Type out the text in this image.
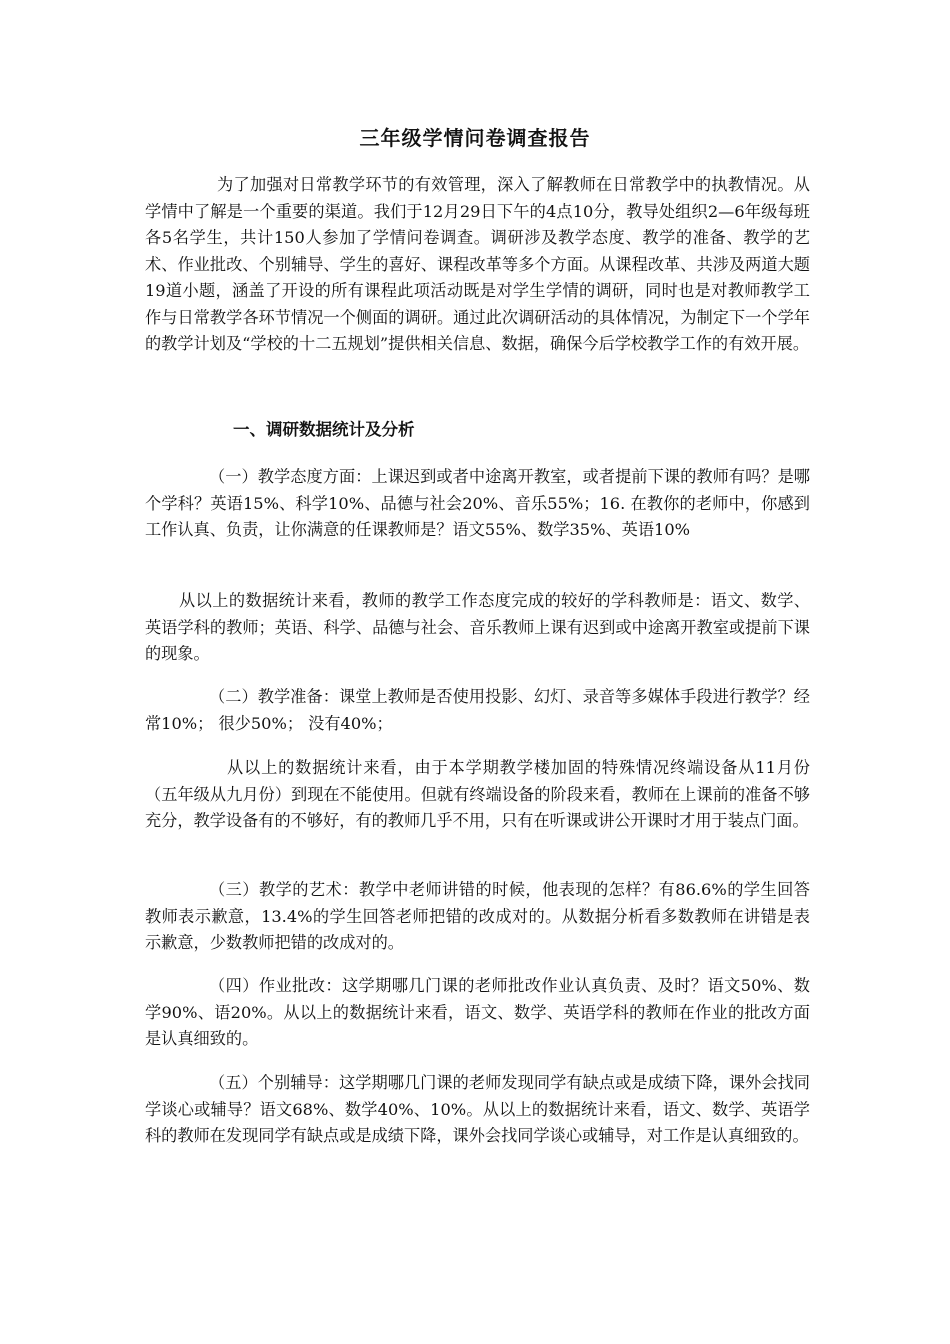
三年级学情问卷调查报告

为了加强对日常教学环节的有效管理，深入了解教师在日常教学中的执教情况。从学情中了解是一个重要的渠道。我们于12月29日下午的4点10分，教导处组织2—6年级每班各5名学生，共计150人参加了学情问卷调查。调研涉及教学态度、教学的准备、教学的艺术、作业批改、个别辅导、学生的喜好、课程改革等多个方面。从课程改革、共涉及两道大题19道小题，涵盖了开设的所有课程此项活动既是对学生学情的调研，同时也是对教师教学工作与日常教学各环节情况一个侧面的调研。通过此次调研活动的具体情况，为制定下一个学年的教学计划及“学校的十二五规划”提供相关信息、数据，确保今后学校教学工作的有效开展。

一、调研数据统计及分析

（一）教学态度方面：上课迟到或者中途离开教室，或者提前下课的教师有吗？是哪个学科？英语15%、科学10%、品德与社会20%、音乐55%；16. 在教你的老师中，你感到工作认真、负责，让你满意的任课教师是？语文55%、数学35%、英语10%

从以上的数据统计来看，教师的教学工作态度完成的较好的学科教师是：语文、数学、英语学科的教师；英语、科学、品德与社会、音乐教师上课有迟到或中途离开教室或提前下课的现象。

（二）教学准备：课堂上教师是否使用投影、幻灯、录音等多媒体手段进行教学？经常10%； 很少50%； 没有40%；

从以上的数据统计来看，由于本学期教学楼加固的特殊情况终端设备从11月份（五年级从九月份）到现在不能使用。但就有终端设备的阶段来看，教师在上课前的准备不够充分，教学设备有的不够好，有的教师几乎不用，只有在听课或讲公开课时才用于装点门面。

（三）教学的艺术：教学中老师讲错的时候，他表现的怎样？有86.6%的学生回答教师表示歉意，13.4%的学生回答老师把错的改成对的。从数据分析看多数教师在讲错是表示歉意，少数教师把错的改成对的。

（四）作业批改：这学期哪几门课的老师批改作业认真负责、及时？语文50%、数学90%、语20%。从以上的数据统计来看，语文、数学、英语学科的教师在作业的批改方面是认真细致的。

（五）个别辅导：这学期哪几门课的老师发现同学有缺点或是成绩下降，课外会找同学谈心或辅导？语文68%、数学40%、10%。从以上的数据统计来看，语文、数学、英语学科的教师在发现同学有缺点或是成绩下降，课外会找同学谈心或辅导，对工作是认真细致的。
